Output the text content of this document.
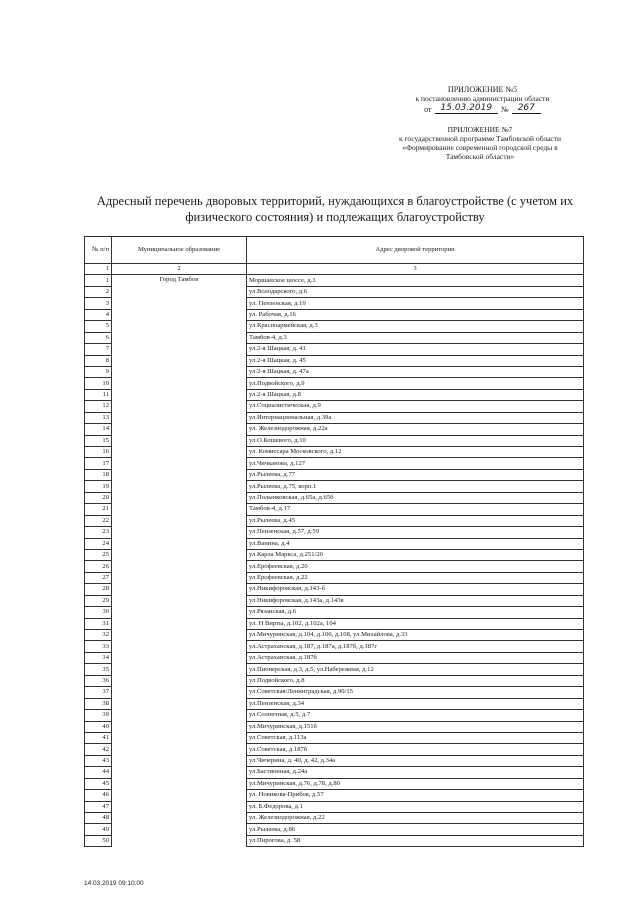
ПРИЛОЖЕНИЕ №5
к постановлению администрации области
от	15.03.2019	№	267
ПРИЛОЖЕНИЕ №7
к государственной программе Тамбовской области «Формирование современной городской среды в Тамбовской области»
Адресный перечень дворовых территорий, нуждающихся в благоустройстве (с учетом их физического состояния) и подлежащих благоустройству
№ п/п	Муниципальное образование	Адрес дворовой территории
1	2	3
1	Город Тамбов	Моршанское шоссе, д.3
2		ул.Володарского, д.6
3		ул. Пензенская, д.19
4		ул. Рабочая, д.16
5		ул.Красноармейская, д.3
6		Тамбов-4, д.3
7		ул.2-я Шацкая, д. 41
8		ул.2-я Шацкая, д. 45
9		ул.2-я Шацкая, д. 47а
10		ул.Подвойского, д.9
11		ул.2-я Шацкая, д.8
12		ул.Социалистическая, д.9
13		ул.Интернациональная, д.39а
14		ул. Железнодорожная, д.22а
15		ул.О.Кошевого, д.10
16		ул. Комиссара Московского, д.12
17		ул.Чичканова, д.127
18		ул.Рылеева, д.77
19		ул.Рылеева, д.75, корп.1
20		ул.Полынковская, д.65а, д.65б
21		Тамбов-4, д.17
22		ул.Рылеева, д.45
23		ул.Пензенская, д.57, д.59
24		ул.Ванина, д.4
25		ул.Карла Маркса, д.251/20
26		ул.Ерофеевская, д.20
27		ул.Ерофеевская, д.22
28		ул.Никифоровская, д.143-б
29		ул.Никифоровская, д.143а, д.143в
30		ул.Рязанская, д.6
31		ул. Н Вирты, д.102, д.102а, 104
32		ул.Мичуринская, д.104, д.106, д.108, ул.Михайлова, д.33
33		ул.Астраханская, д.187, д.187а, д.187б, д.187г
34		ул.Астраханская, д.187б
35		ул.Пионерская, д.3, д.5, ул.Набережная, д.12
36		ул.Подвойского, д.8
37		ул.Советская/Ленинградская, д.90/15
38		ул.Пензенская, д.34
39		ул.Солнечная, д.5, д.7
40		ул.Мичуринская, д.151б
41		ул.Советская, д.113а
42		ул.Советская, д.187б
43		ул.Чичерина, д. 40, д. 42, д.34а
44		ул.Бастионная, д.24а
45		ул.Мичуринская, д.76, д.78, д.80
46		ул. Новикова-Прибоя, д.57
47		ул. Б.Федорова, д.1
48		ул. Железнодорожная, д.22
49		ул.Рылеева, д.86
50		ул.Пирогова, д. 58
14.03.2019 09:10:00
